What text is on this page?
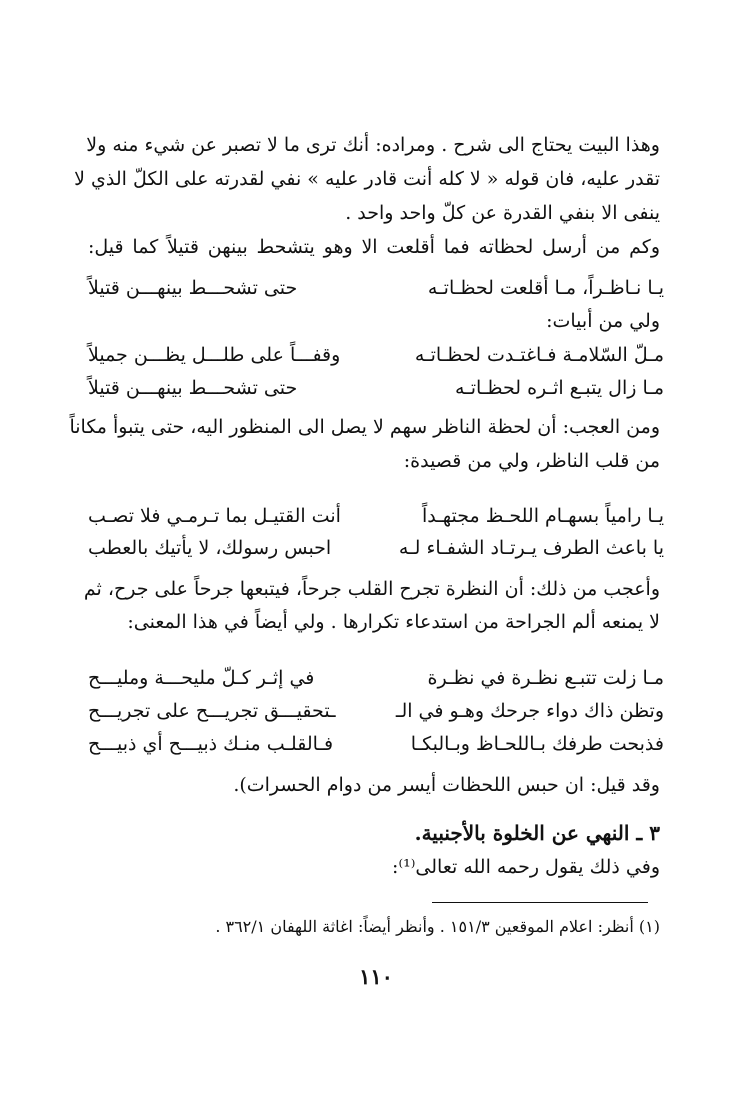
وهذا البيت يحتاج الى شرح . ومراده: أنك ترى ما لا تصبر عن شيء منه ولا
تقدر عليه، فان قوله « لا كله أنت قادر عليه » نفي لقدرته على الكلّ الذي لا
ينفى الا بنفي القدرة عن كلّ واحد واحد .
وكم من أرسل لحظاته فما أقلعت الا وهو يتشحط بينهن قتيلاً كما قيل:
يـا نـاظـراً، مـا أقلعت لحظـاتـه
حتى تشحـــط بينهـــن قتيلاً
ولي من أبيات:
مـلّ السّلامـة فـاغتـدت لحظـاتـه
وقفـــاً على طلـــل يظـــن جميلاً
مـا زال يتبـع اثـره لحظـاتـه
حتى تشحـــط بينهـــن قتيلاً
ومن العجب: أن لحظة الناظر سهم لا يصل الى المنظور اليه، حتى يتبوأ مكاناً
من قلب الناظر، ولي من قصيدة:
يـا رامياً بسهـام اللحـظ مجتهـداً
أنت القتيـل بما تـرمـي فلا تصـب
يا باعث الطرف يـرتـاد الشفـاء لـه
احبس رسولك، لا يأتيك بالعطب
وأعجب من ذلك: أن النظرة تجرح القلب جرحاً، فيتبعها جرحاً على جرح، ثم
لا يمنعه ألم الجراحة من استدعاء تكرارها . ولي أيضاً في هذا المعنى:
مـا زلت تتبـع نظـرة في نظـرة
في إثـر كـلّ مليحـــة ومليـــح
وتظن ذاك دواء جرحك وهـو في الـ
ـتحقيـــق تجريـــح على تجريـــح
فذبحت طرفك بـاللحـاظ وبـالبكـا
فـالقلـب منـك ذبيـــح أي ذبيـــح
وقد قيل: ان حبس اللحظات أيسر من دوام الحسرات).
٣ ـ النهي عن الخلوة بالأجنبية.
وفي ذلك يقول رحمه الله تعالى⁽¹⁾:
(١) أنظر: اعلام الموقعين ١٥١/٣ . وأنظر أيضاً: اغاثة اللهفان ٣٦٢/١ .
١١٠
